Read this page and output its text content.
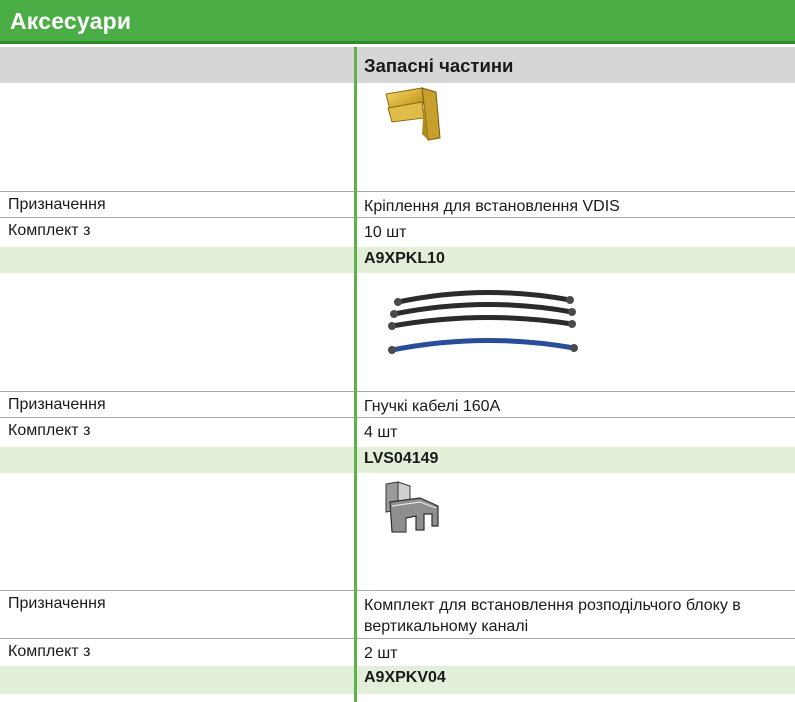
Аксесуари
Запасні частини
Призначення	Кріплення для встановлення VDIS
Комплект з	10 шт
A9XPKL10
Призначення	Гнучкі кабелі 160A
Комплект з	4 шт
LVS04149
Призначення	Комплект для встановлення розподільчого блоку в вертикальному каналі
Комплект з	2 шт
A9XPKV04
